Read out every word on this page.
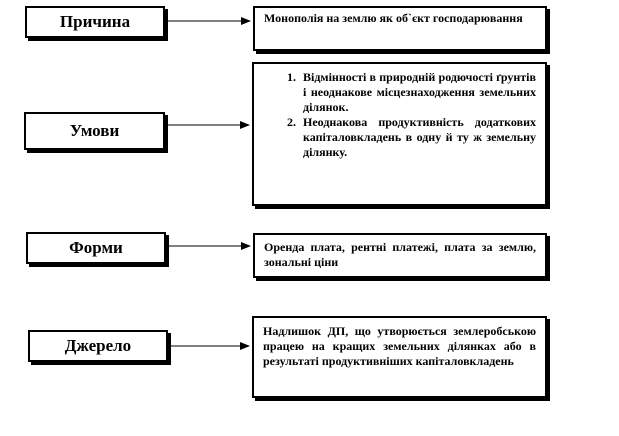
Причина	Монополія на землю як об`єкт господарювання

Умови
1. Відмінності в природній родючості ґрунтів і неоднакове місцезнаходження земельних ділянок.
2. Неоднакова продуктивність додаткових капіталовкладень в одну й ту ж земельну ділянку.
Форми	Оренда плата, рентні платежі, плата за землю, зональні ціни

Джерело

Надлишок ДП, що утворюється землеробською працею на кращих земельних ділянках або в результаті продуктивніших капіталовкладень
